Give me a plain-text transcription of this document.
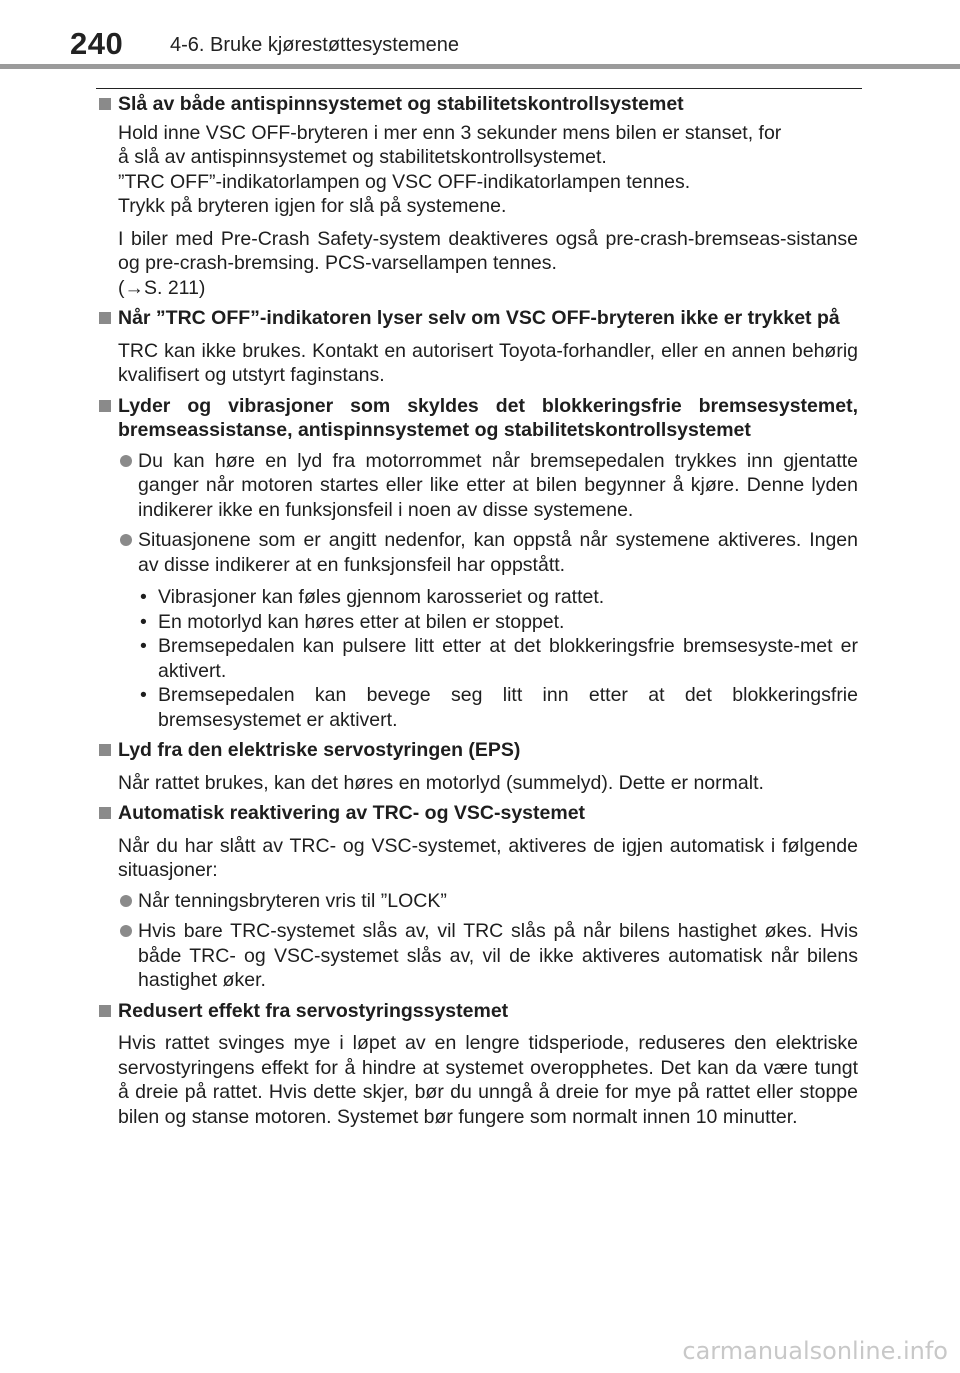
240 4-6. Bruke kjørestøttesystemene
Slå av både antispinnsystemet og stabilitetskontrollsystemet
Hold inne VSC OFF-bryteren i mer enn 3 sekunder mens bilen er stanset, for
å slå av antispinnsystemet og stabilitetskontrollsystemet.
”TRC OFF”-indikatorlampen og VSC OFF-indikatorlampen tennes.
Trykk på bryteren igjen for slå på systemene.
I biler med Pre-Crash Safety-system deaktiveres også pre-crash-bremseas-sistanse og pre-crash-bremsing. PCS-varsellampen tennes.
(→S. 211)
Når ”TRC OFF”-indikatoren lyser selv om VSC OFF-bryteren ikke er trykket på
TRC kan ikke brukes. Kontakt en autorisert Toyota-forhandler, eller en annen behørig kvalifisert og utstyrt faginstans.
Lyder og vibrasjoner som skyldes det blokkeringsfrie bremsesystemet, bremseassistanse, antispinnsystemet og stabilitetskontrollsystemet
Du kan høre en lyd fra motorrommet når bremsepedalen trykkes inn gjentatte ganger når motoren startes eller like etter at bilen begynner å kjøre. Denne lyden indikerer ikke en funksjonsfeil i noen av disse systemene.
Situasjonene som er angitt nedenfor, kan oppstå når systemene aktiveres. Ingen av disse indikerer at en funksjonsfeil har oppstått.
• Vibrasjoner kan føles gjennom karosseriet og rattet.
• En motorlyd kan høres etter at bilen er stoppet.
• Bremsepedalen kan pulsere litt etter at det blokkeringsfrie bremsesyste-met er aktivert.
• Bremsepedalen kan bevege seg litt inn etter at det blokkeringsfrie bremsesystemet er aktivert.
Lyd fra den elektriske servostyringen (EPS)
Når rattet brukes, kan det høres en motorlyd (summelyd). Dette er normalt.
Automatisk reaktivering av TRC- og VSC-systemet
Når du har slått av TRC- og VSC-systemet, aktiveres de igjen automatisk i følgende situasjoner:
Når tenningsbryteren vris til ”LOCK”
Hvis bare TRC-systemet slås av, vil TRC slås på når bilens hastighet økes. Hvis både TRC- og VSC-systemet slås av, vil de ikke aktiveres automatisk når bilens hastighet øker.
Redusert effekt fra servostyringssystemet
Hvis rattet svinges mye i løpet av en lengre tidsperiode, reduseres den elektriske servostyringens effekt for å hindre at systemet overopphetes. Det kan da være tungt å dreie på rattet. Hvis dette skjer, bør du unngå å dreie for mye på rattet eller stoppe bilen og stanse motoren. Systemet bør fungere som normalt innen 10 minutter.
carmanualsonline.info
